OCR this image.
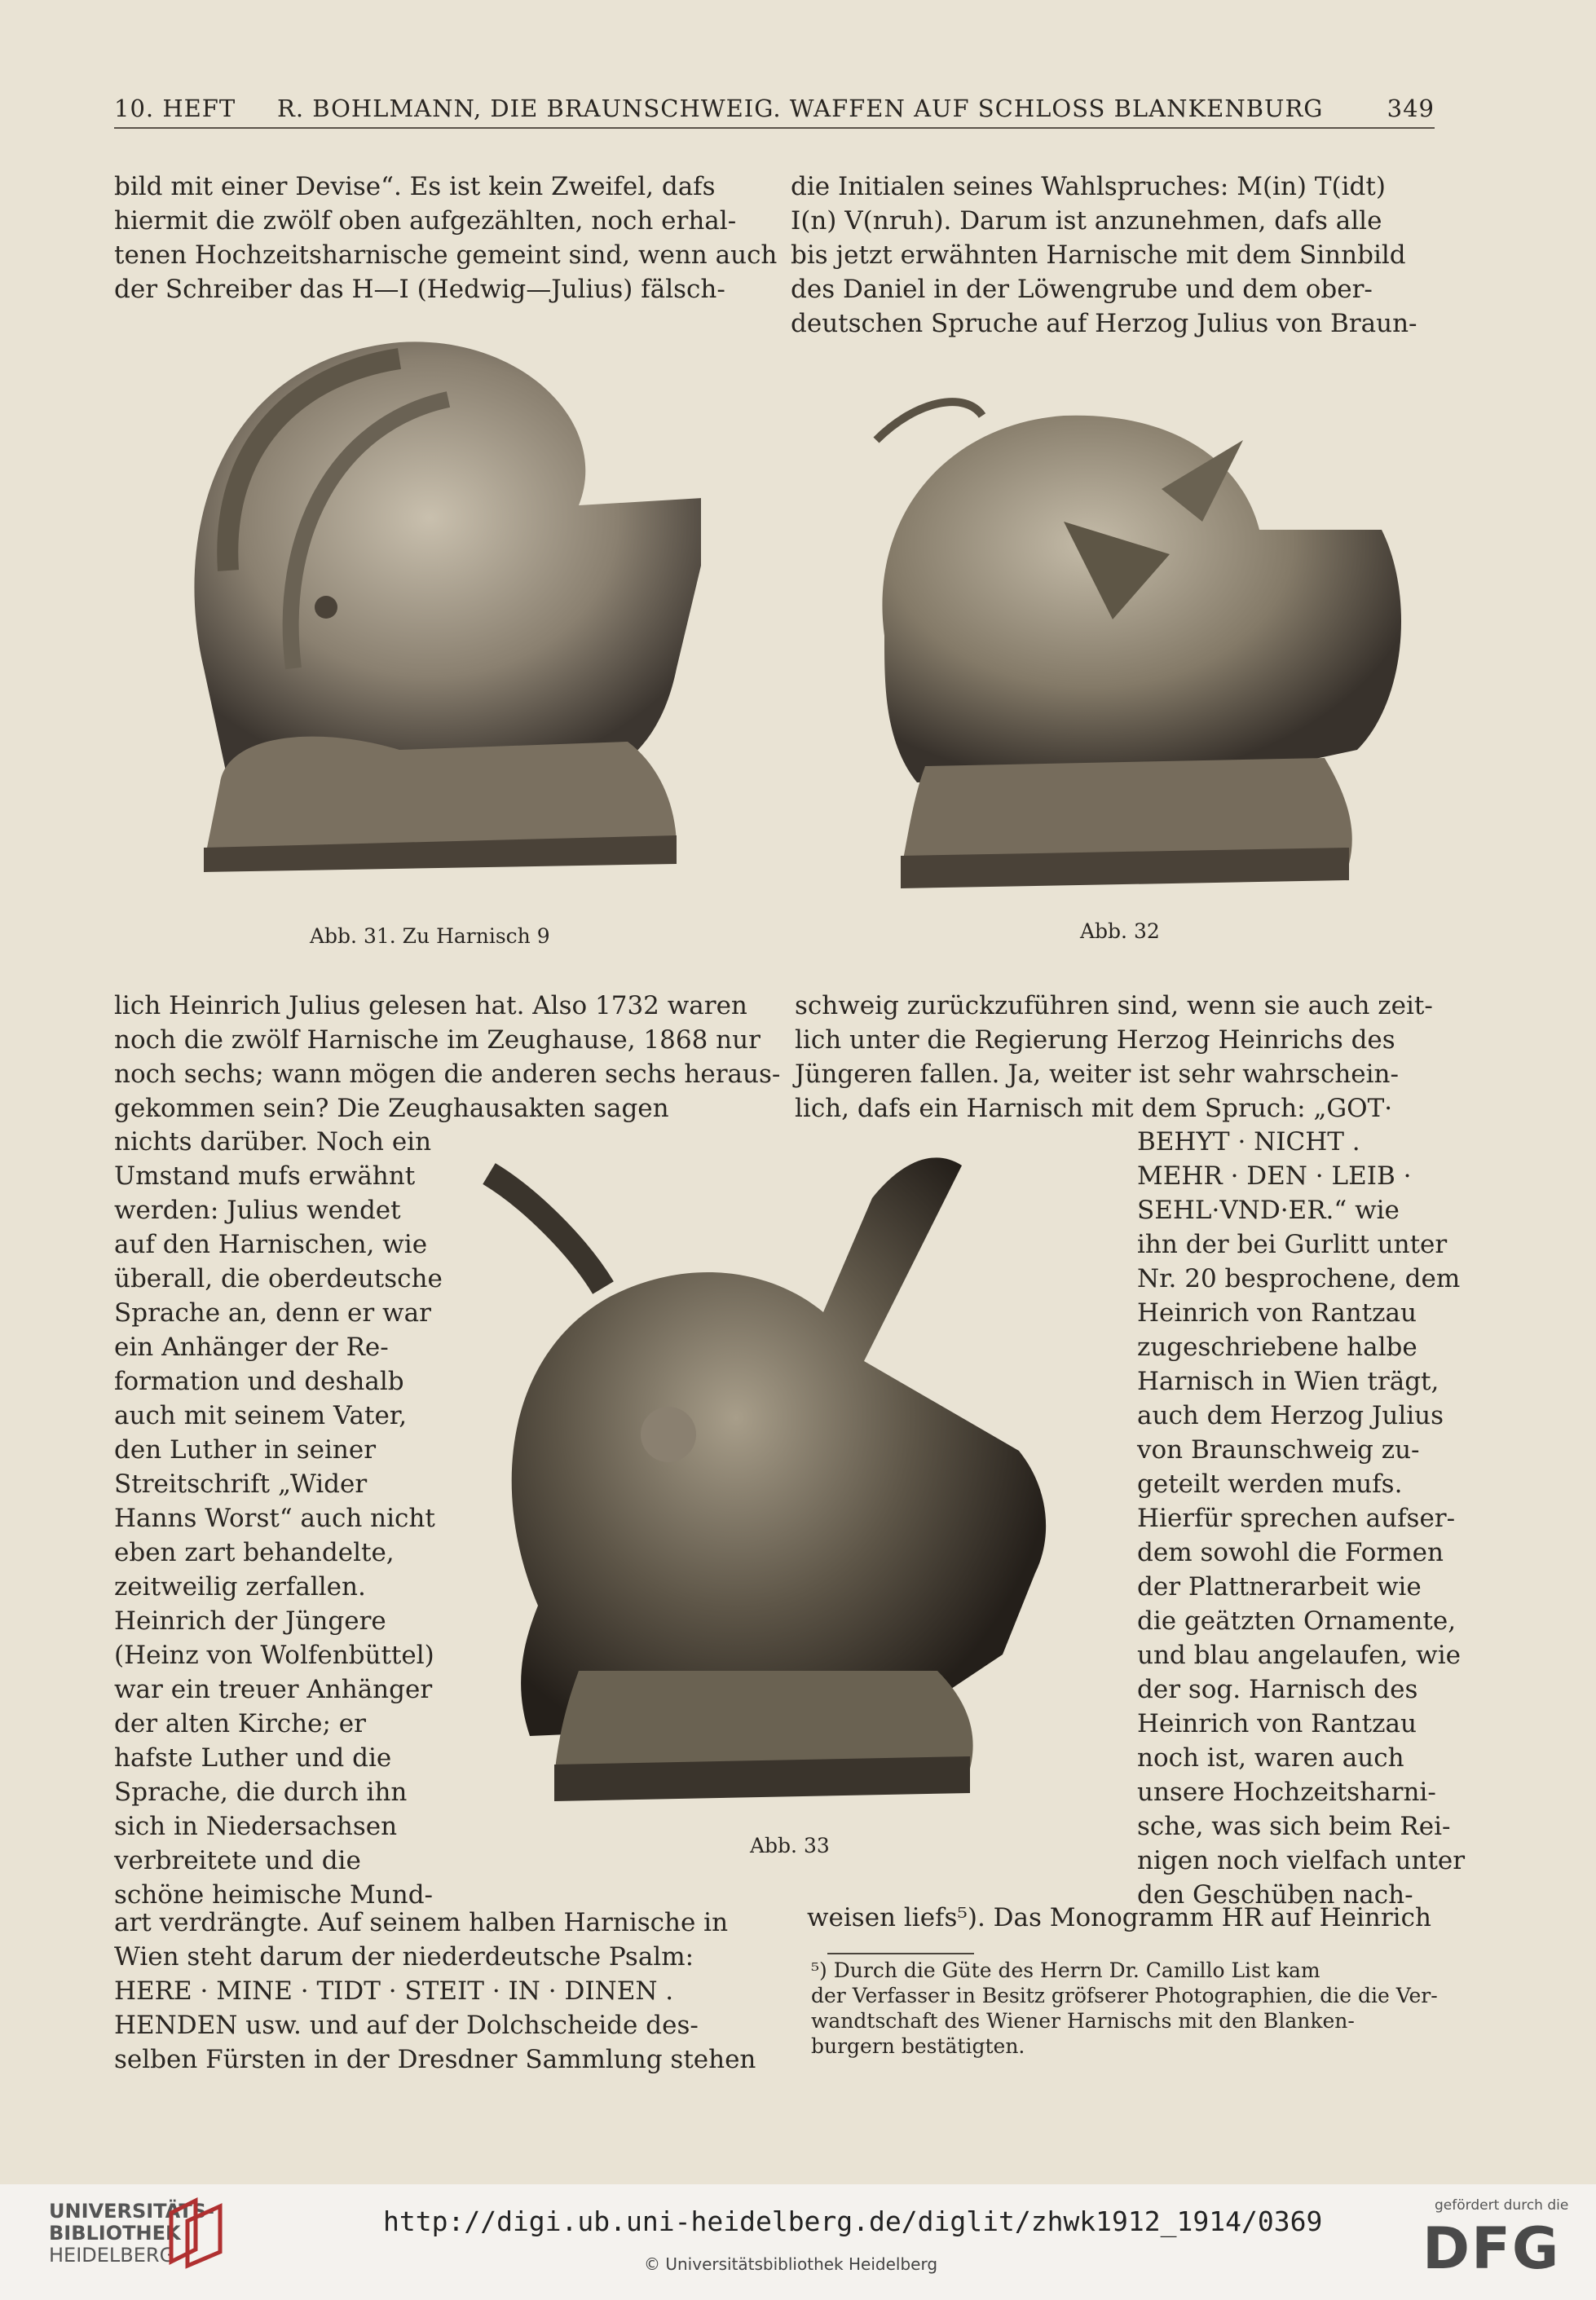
10. HEFT R. BOHLMANN, DIE BRAUNSCHWEIG. WAFFEN AUF SCHLOSS BLANKENBURG	349

bild mit einer Devise“. Es ist kein Zweifel, dafs
hiermit die zwölf oben aufgezählten, noch erhal-
tenen Hochzeitsharnische gemeint sind, wenn auch
der Schreiber das H—I (Hedwig—Julius) fälsch-

die Initialen seines Wahlspruches: M(in) T(idt)
I(n) V(nruh). Darum ist anzunehmen, dafs alle
bis jetzt erwähnten Harnische mit dem Sinnbild
des Daniel in der Löwengrube und dem ober-
deutschen Spruche auf Herzog Julius von Braun-

Abb. 31. Zu Harnisch 9	Abb. 32

lich Heinrich Julius gelesen hat. Also 1732 waren
noch die zwölf Harnische im Zeughause, 1868 nur
noch sechs; wann mögen die anderen sechs heraus-
gekommen sein? Die Zeughausakten sagen

nichts darüber. Noch ein
Umstand mufs erwähnt
werden: Julius wendet
auf den Harnischen, wie
überall, die oberdeutsche
Sprache an, denn er war
ein Anhänger der Re-
formation und deshalb
auch mit seinem Vater,
den Luther in seiner
Streitschrift „Wider
Hanns Worst“ auch nicht
eben zart behandelte,
zeitweilig zerfallen.
Heinrich der Jüngere
(Heinz von Wolfenbüttel)
war ein treuer Anhänger
der alten Kirche; er
hafste Luther und die
Sprache, die durch ihn
sich in Niedersachsen
verbreitete und die
schöne heimische Mund-

Abb. 33

art verdrängte. Auf seinem halben Harnische in
Wien steht darum der niederdeutsche Psalm:
HERE · MINE · TIDT · STEIT · IN · DINEN .
HENDEN usw. und auf der Dolchscheide des-
selben Fürsten in der Dresdner Sammlung stehen

schweig zurückzuführen sind, wenn sie auch zeit-
lich unter die Regierung Herzog Heinrichs des
Jüngeren fallen. Ja, weiter ist sehr wahrschein-
lich, dafs ein Harnisch mit dem Spruch: „GOT·

BEHYT · NICHT .
MEHR · DEN · LEIB ·
SEHL·VND·ER.“ wie
ihn der bei Gurlitt unter
Nr. 20 besprochene, dem
Heinrich von Rantzau
zugeschriebene halbe
Harnisch in Wien trägt,
auch dem Herzog Julius
von Braunschweig zu-
geteilt werden mufs.
Hierfür sprechen aufser-
dem sowohl die Formen
der Plattnerarbeit wie
die geätzten Ornamente,
und blau angelaufen, wie
der sog. Harnisch des
Heinrich von Rantzau
noch ist, waren auch
unsere Hochzeitsharni-
sche, was sich beim Rei-
nigen noch vielfach unter
den Geschüben nach-

weisen liefs⁵). Das Monogramm HR auf Heinrich

⁵) Durch die Güte des Herrn Dr. Camillo List kam
der Verfasser in Besitz gröfserer Photographien, die die Ver-
wandtschaft des Wiener Harnischs mit den Blanken-
burgern bestätigten.

UNIVERSITÄTS-
BIBLIOTHEK
HEIDELBERG
http://digi.ub.uni-heidelberg.de/diglit/zhwk1912_1914/0369
© Universitätsbibliothek Heidelberg
gefördert durch die
DFG
